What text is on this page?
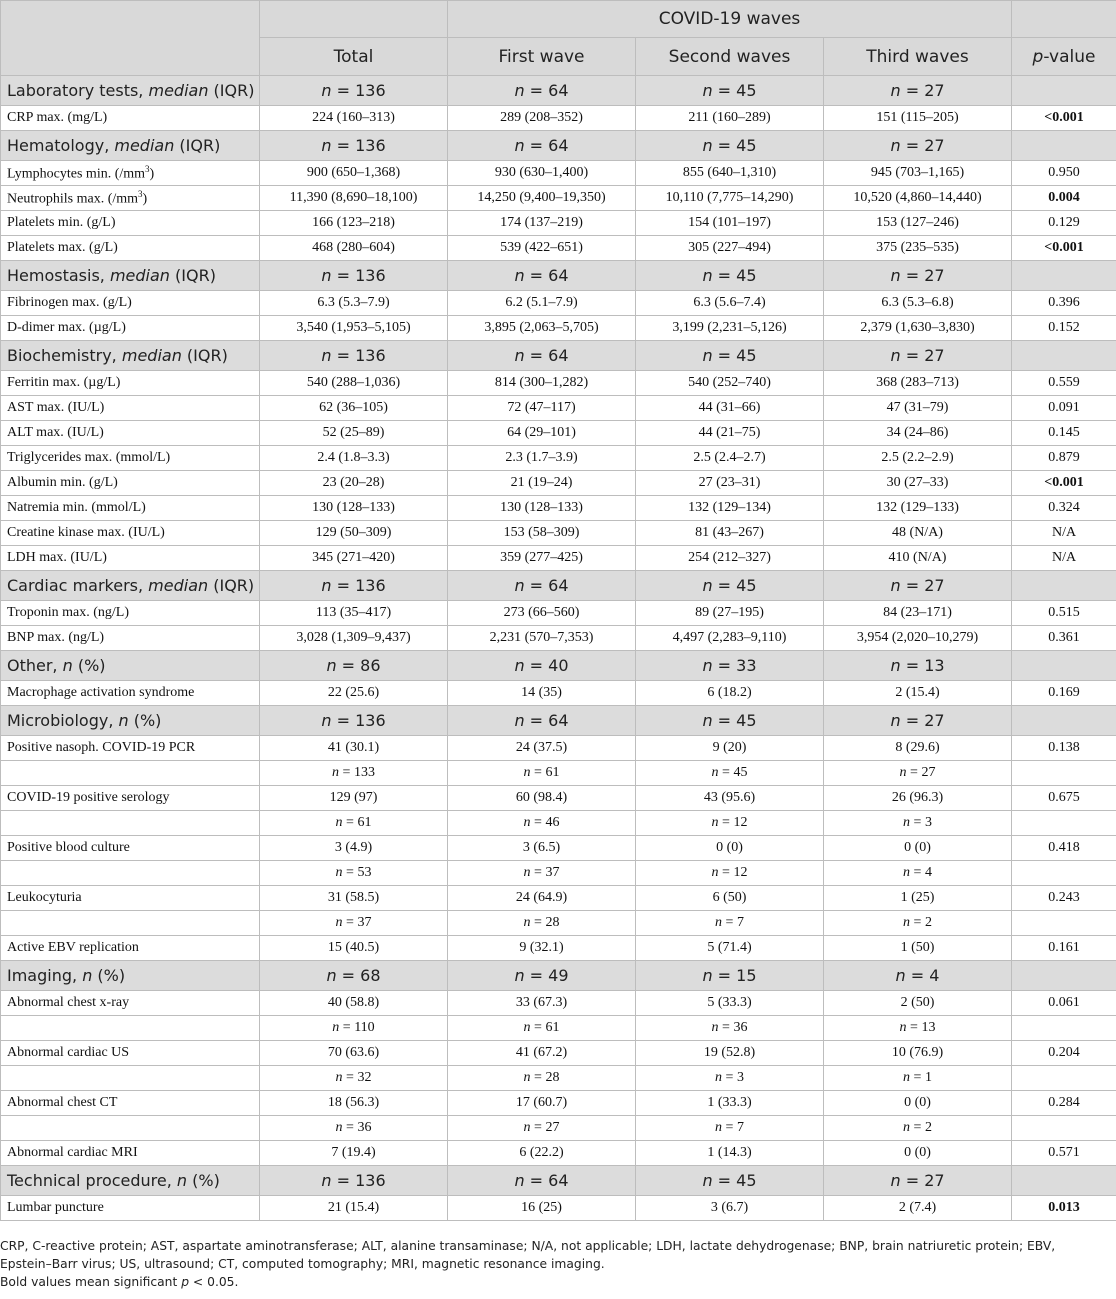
		COVID-19 waves			
	Total	First wave	Second waves	Third waves	p-value
Laboratory tests, median (IQR)	n = 136	n = 64	n = 45	n = 27	
CRP max. (mg/L)	224 (160–313)	289 (208–352)	211 (160–289)	151 (115–205)	<0.001
Hematology, median (IQR)	n = 136	n = 64	n = 45	n = 27	
Lymphocytes min. $(/mm^3)$	900 (650–1,368)	930 (630–1,400)	855 (640–1,310)	945 (703–1,165)	0.950
Neutrophils max. $(/mm^3)$	11,390 (8,690–18,100)	14,250 (9,400–19,350)	10,110 (7,775–14,290)	10,520 (4,860–14,440)	0.004
Platelets min. (g/L)	166 (123–218)	174 (137–219)	154 (101–197)	153 (127–246)	0.129
Platelets max. (g/L)	468 (280–604)	539 (422–651)	305 (227–494)	375 (235–535)	<0.001
Hemostasis, median (IQR)	n = 136	n = 64	n = 45	n = 27	
Fibrinogen max. (g/L)	6.3 (5.3–7.9)	6.2 (5.1–7.9)	6.3 (5.6–7.4)	6.3 (5.3–6.8)	0.396
D-dimer max. (µg/L)	3,540 (1,953–5,105)	3,895 (2,063–5,705)	3,199 (2,231–5,126)	2,379 (1,630–3,830)	0.152
Biochemistry, median (IQR)	n = 136	n = 64	n = 45	n = 27	
Ferritin max. (µg/L)	540 (288–1,036)	814 (300–1,282)	540 (252–740)	368 (283–713)	0.559
AST max. (IU/L)	62 (36–105)	72 (47–117)	44 (31–66)	47 (31–79)	0.091
ALT max. (IU/L)	52 (25–89)	64 (29–101)	44 (21–75)	34 (24–86)	0.145
Triglycerides max. (mmol/L)	2.4 (1.8–3.3)	2.3 (1.7–3.9)	2.5 (2.4–2.7)	2.5 (2.2–2.9)	0.879
Albumin min. (g/L)	23 (20–28)	21 (19–24)	27 (23–31)	30 (27–33)	<0.001
Natremia min. (mmol/L)	130 (128–133)	130 (128–133)	132 (129–134)	132 (129–133)	0.324
Creatine kinase max. (IU/L)	129 (50–309)	153 (58–309)	81 (43–267)	48 (N/A)	N/A
LDH max. (IU/L)	345 (271–420)	359 (277–425)	254 (212–327)	410 (N/A)	N/A
Cardiac markers, median (IQR)	n = 136	n = 64	n = 45	n = 27	
Troponin max. (ng/L)	113 (35–417)	273 (66–560)	89 (27–195)	84 (23–171)	0.515
BNP max. (ng/L)	3,028 (1,309–9,437)	2,231 (570–7,353)	4,497 (2,283–9,110)	3,954 (2,020–10,279)	0.361
Other, n (%)	n = 86	n = 40	n = 33	n = 13	
Macrophage activation syndrome	22 (25.6)	14 (35)	6 (18.2)	2 (15.4)	0.169
Microbiology, n (%)	n = 136	n = 64	n = 45	n = 27	
Positive nasoph. COVID-19 PCR	41 (30.1)	24 (37.5)	9 (20)	8 (29.6)	0.138
	n = 133	n = 61	n = 45	n = 27	
COVID-19 positive serology	129 (97)	60 (98.4)	43 (95.6)	26 (96.3)	0.675
	n = 61	n = 46	n = 12	n = 3	
Positive blood culture	3 (4.9)	3 (6.5)	0 (0)	0 (0)	0.418
	n = 53	n = 37	n = 12	n = 4	
Leukocyturia	31 (58.5)	24 (64.9)	6 (50)	1 (25)	0.243
	n = 37	n = 28	n = 7	n = 2	
Active EBV replication	15 (40.5)	9 (32.1)	5 (71.4)	1 (50)	0.161
Imaging, n (%)	n = 68	n = 49	n = 15	n = 4	
Abnormal chest x-ray	40 (58.8)	33 (67.3)	5 (33.3)	2 (50)	0.061
	n = 110	n = 61	n = 36	n = 13	
Abnormal cardiac US	70 (63.6)	41 (67.2)	19 (52.8)	10 (76.9)	0.204
	n = 32	n = 28	n = 3	n = 1	
Abnormal chest CT	18 (56.3)	17 (60.7)	1 (33.3)	0 (0)	0.284
	n = 36	n = 27	n = 7	n = 2	
Abnormal cardiac MRI	7 (19.4)	6 (22.2)	1 (14.3)	0 (0)	0.571
Technical procedure, n (%)	n = 136	n = 64	n = 45	n = 27	
Lumbar puncture	21 (15.4)	16 (25)	3 (6.7)	2 (7.4)	0.013

CRP, C-reactive protein; AST, aspartate aminotransferase; ALT, alanine transaminase; N/A, not applicable; LDH, lactate dehydrogenase; BNP, brain natriuretic protein; EBV, Epstein–Barr virus; US, ultrasound; CT, computed tomography; MRI, magnetic resonance imaging.

Bold values mean significant p < 0.05.
